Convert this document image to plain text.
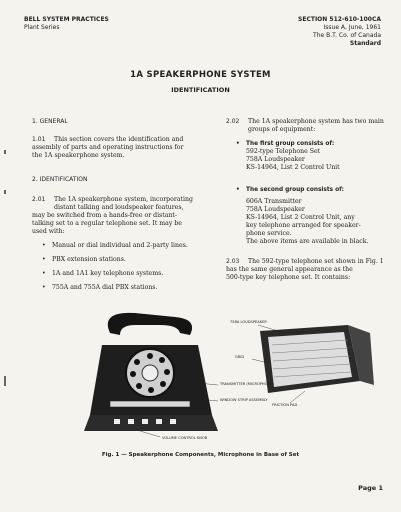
BELL SYSTEM PRACTICES
Plant Series
SECTION 512-610-100CA
Issue A, June, 1961
The B.T. Co. of Canada
Standard
1A SPEAKERPHONE SYSTEM
IDENTIFICATION

1. GENERAL

1.01 This section covers the identification and

assembly of parts and operating instructions for

the 1A speakerphone system.

2. IDENTIFICATION

2.01 The 1A speakerphone system, incorporating

distant talking and loudspeaker features,

may be switched from a hands-free or distant-

talking set to a regular telephone set. It may be

used with:

• Manual or dial individual and 2-party lines.

• PBX extension stations.

• 1A and 1A1 key telephone systems.

• 755A and 755A dial PBX stations.

2.02 The 1A speakerphone system has two main

groups of equipment:

• The first group consists of:

592-type Telephone Set

758A Loudspeaker

KS-14964, List 2 Control Unit

• The second group consists of:

606A Transmitter

758A Loudspeaker

KS-14964, List 2 Control Unit, any

key telephone arranged for speaker-

phone service.

The above items are available in black.

2.03 The 592-type telephone set shown in Fig. 1

has the same general appearance as the

500-type key telephone set. It contains:

758A LOUDSPEAKER
GRID
TRANSMITTER (MICROPHONE)
WINDOW STRIP ASSEMBLY
FRICTION PAD
VOLUME CONTROL KNOB
Fig. 1 — Speakerphone Components, Microphone in Base of Set
Page 1
